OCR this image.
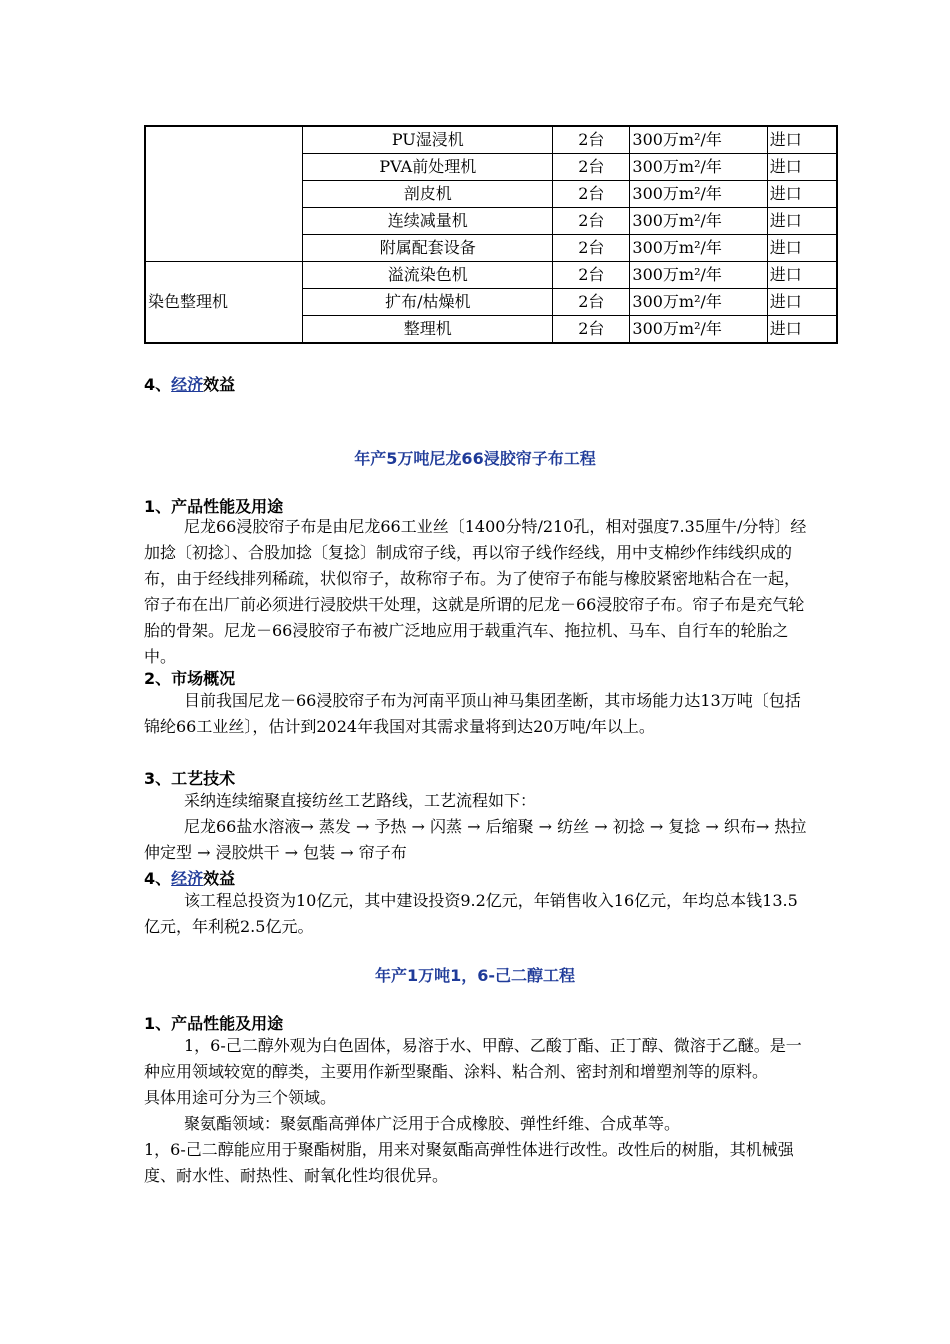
	PU湿浸机	2台	300万m²/年	进口
	PVA前处理机	2台	300万m²/年	进口
	剖皮机	2台	300万m²/年	进口
	连续减量机	2台	300万m²/年	进口
	附属配套设备	2台	300万m²/年	进口
染色整理机	溢流染色机	2台	300万m²/年	进口
	扩布/枯燥机	2台	300万m²/年	进口
	整理机	2台	300万m²/年	进口
4、经济效益
年产5万吨尼龙66浸胶帘子布工程
1、产品性能及用途

尼龙66浸胶帘子布是由尼龙66工业丝〔1400分特/210孔，相对强度7.35厘牛/分特〕经加捻〔初捻〕、合股加捻〔复捻〕制成帘子线，再以帘子线作经线，用中支棉纱作纬线织成的布，由于经线排列稀疏，状似帘子，故称帘子布。为了使帘子布能与橡胶紧密地粘合在一起，帘子布在出厂前必须进行浸胶烘干处理，这就是所谓的尼龙－66浸胶帘子布。帘子布是充气轮胎的骨架。尼龙－66浸胶帘子布被广泛地应用于载重汽车、拖拉机、马车、自行车的轮胎之中。

2、市场概况

目前我国尼龙－66浸胶帘子布为河南平顶山神马集团垄断，其市场能力达13万吨〔包括锦纶66工业丝〕，估计到2024年我国对其需求量将到达20万吨/年以上。

3、工艺技术

采纳连续缩聚直接纺丝工艺路线，工艺流程如下：

尼龙66盐水溶液→ 蒸发 → 予热 → 闪蒸 → 后缩聚 → 纺丝 → 初捻 → 复捻 → 织布→ 热拉伸定型 → 浸胶烘干 → 包装 → 帘子布

4、经济效益

该工程总投资为10亿元，其中建设投资9.2亿元，年销售收入16亿元，年均总本钱13.5亿元，年利税2.5亿元。

年产1万吨1，6-己二醇工程
1、产品性能及用途

1，6-己二醇外观为白色固体，易溶于水、甲醇、乙酸丁酯、正丁醇、微溶于乙醚。是一种应用领域较宽的醇类，主要用作新型聚酯、涂料、粘合剂、密封剂和增塑剂等的原料。

具体用途可分为三个领域。

聚氨酯领域：聚氨酯高弹体广泛用于合成橡胶、弹性纤维、合成革等。

1，6-己二醇能应用于聚酯树脂，用来对聚氨酯高弹性体进行改性。改性后的树脂，其机械强度、耐水性、耐热性、耐氧化性均很优异。
